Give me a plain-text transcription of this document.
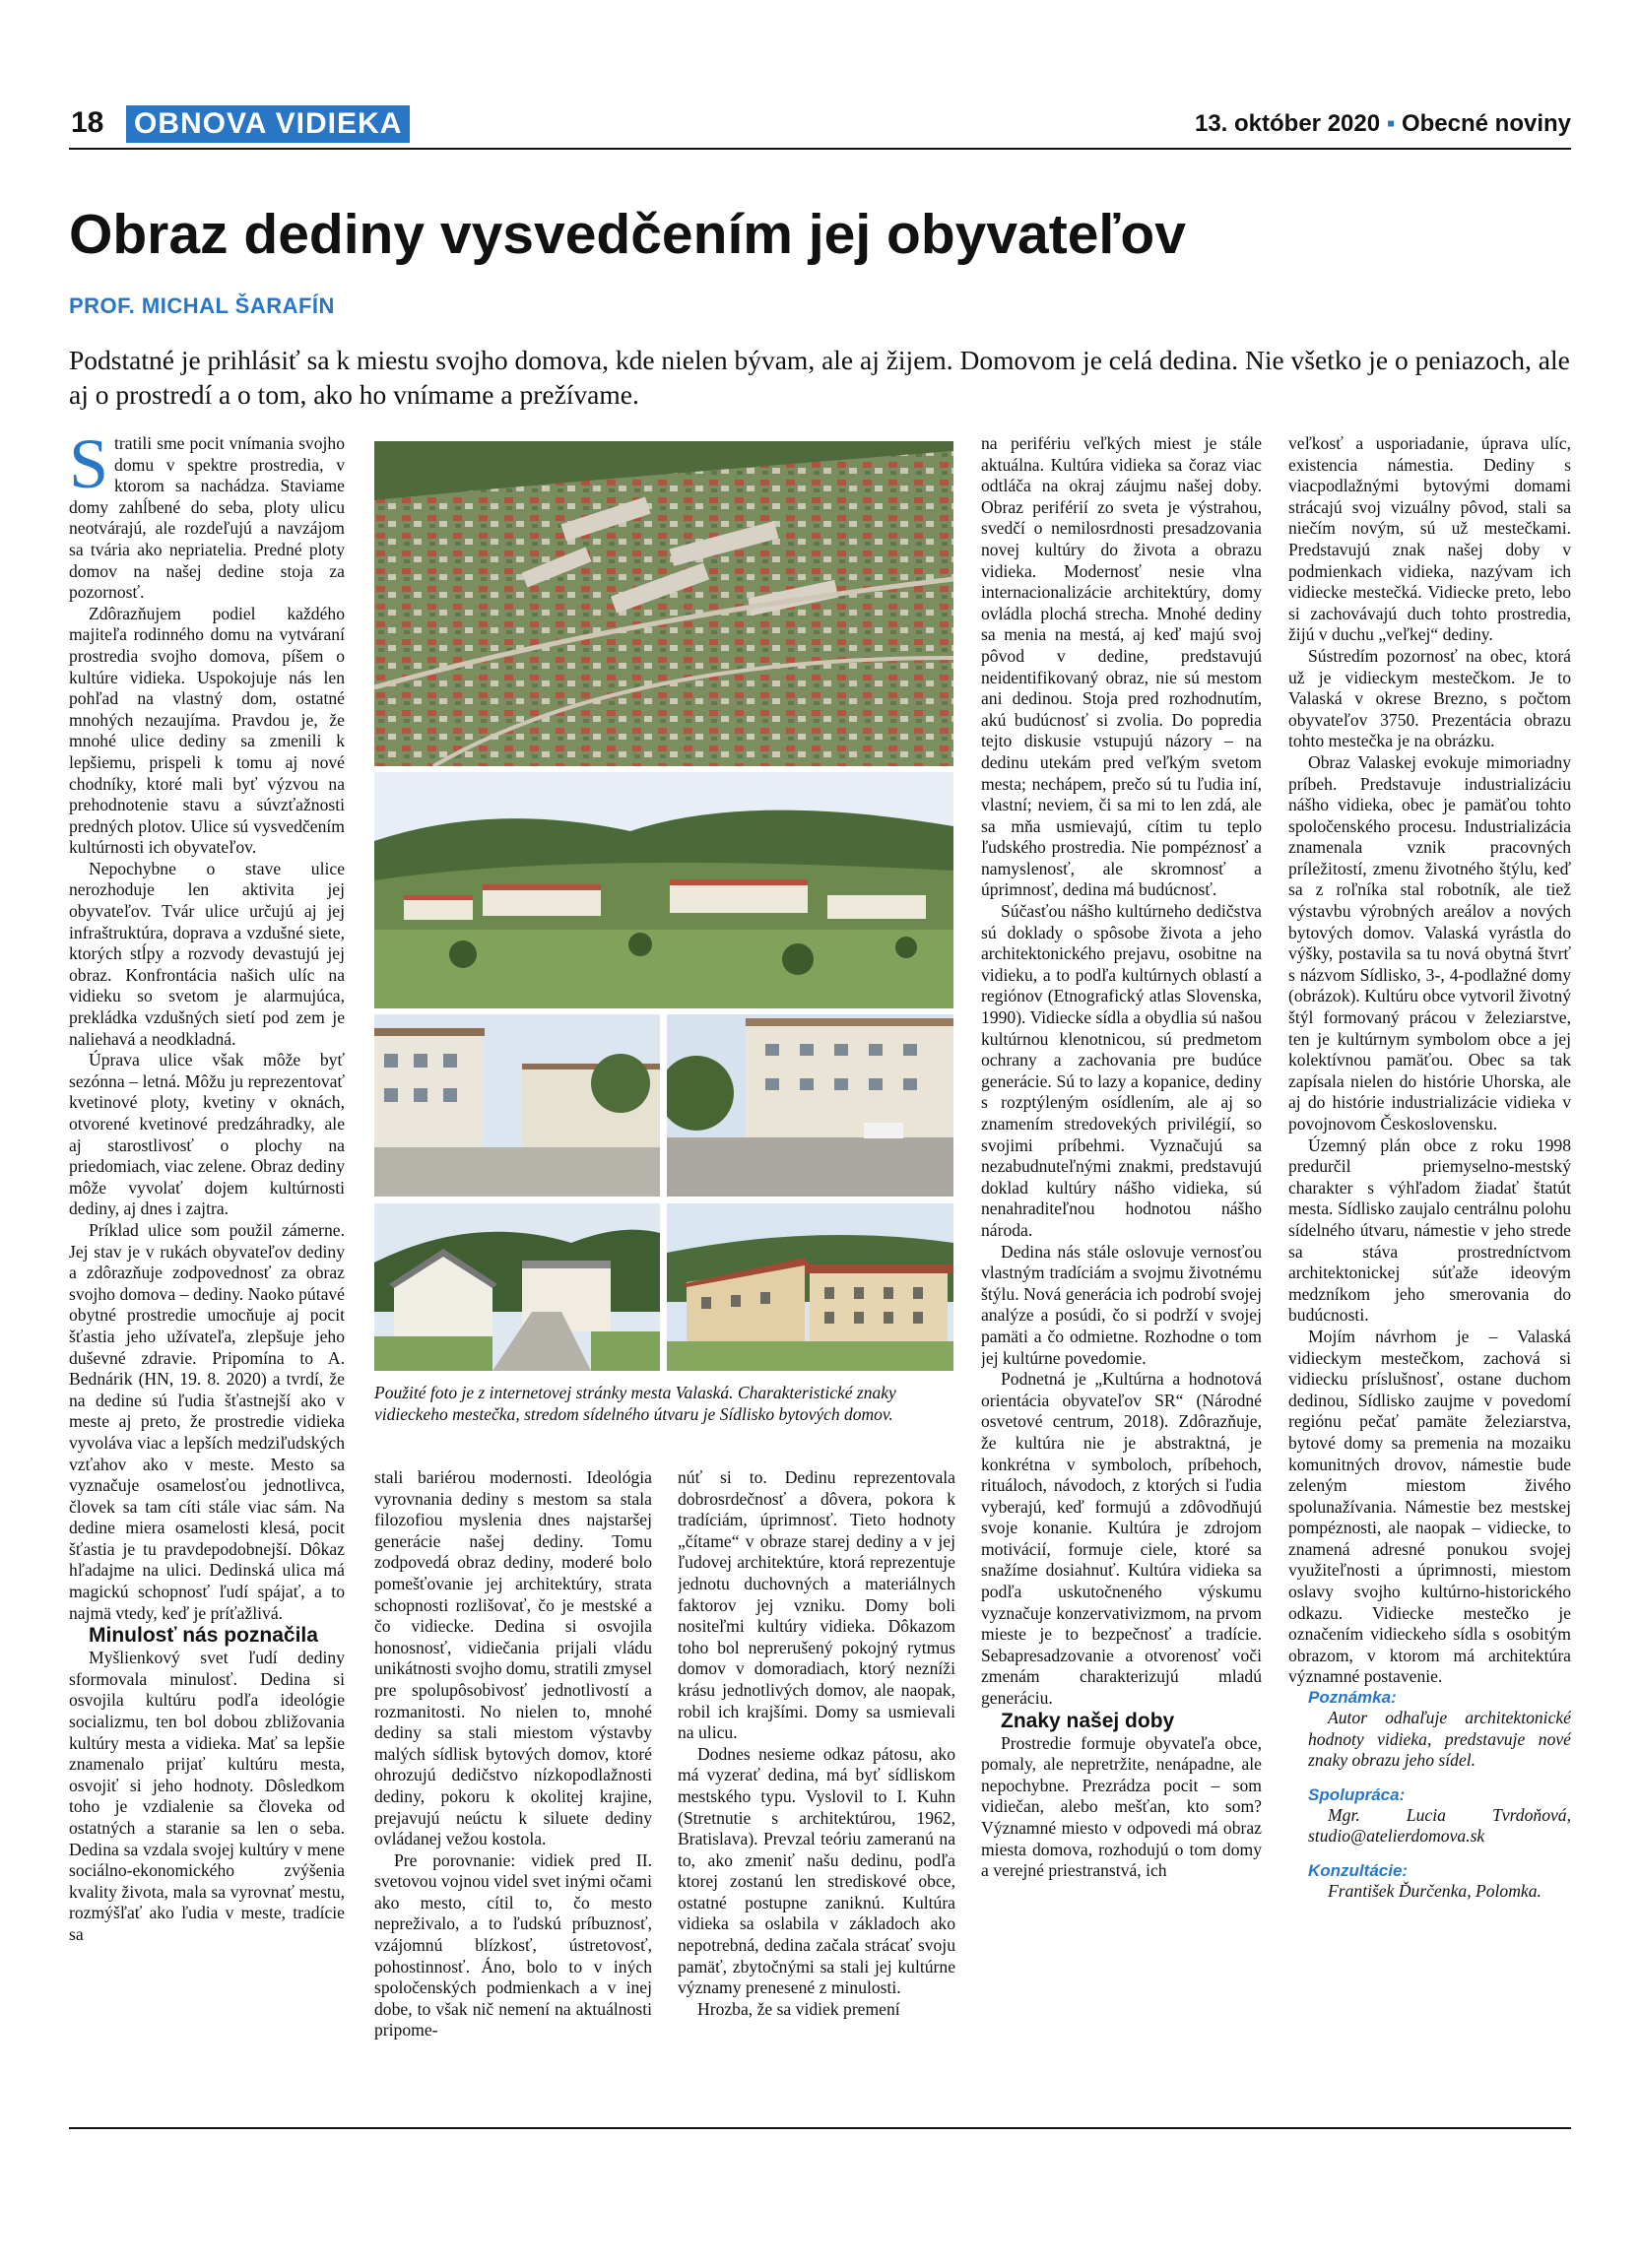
18 OBNOVA VIDIEKA	13. október 2020 ▪ Obecné noviny
Obraz dediny vysvedčením jej obyvateľov
PROF. MICHAL ŠARAFÍN
Podstatné je prihlásiť sa k miestu svojho domova, kde nielen bývam, ale aj žijem. Domovom je celá dedina. Nie všetko je o peniazoch, ale aj o prostredí a o tom, ako ho vnímame a prežívame.

Stratili sme pocit vnímania svojho domu v spektre prostredia, v ktorom sa nachádza. Staviame domy zahĺbené do seba, ploty ulicu neotvárajú, ale rozdeľujú a navzájom sa tvária ako nepriatelia. Predné ploty domov na našej dedine stoja za pozornosť.

Zdôrazňujem podiel každého majiteľa rodinného domu na vytváraní prostredia svojho domova, píšem o kultúre vidieka. Uspokojuje nás len pohľad na vlastný dom, ostatné mnohých nezaujíma. Pravdou je, že mnohé ulice dediny sa zmenili k lepšiemu, prispeli k tomu aj nové chodníky, ktoré mali byť výzvou na prehodnotenie stavu a súvzťažnosti predných plotov. Ulice sú vysvedčením kultúrnosti ich obyvateľov.

Nepochybne o stave ulice nerozhoduje len aktivita jej obyvateľov. Tvár ulice určujú aj jej infraštruktúra, doprava a vzdušné siete, ktorých stĺpy a rozvody devastujú jej obraz. Konfrontácia našich ulíc na vidieku so svetom je alarmujúca, prekládka vzdušných sietí pod zem je naliehavá a neodkladná.

Úprava ulice však môže byť sezónna – letná. Môžu ju reprezentovať kvetinové ploty, kvetiny v oknách, otvorené kvetinové predzáhradky, ale aj starostlivosť o plochy na priedomiach, viac zelene. Obraz dediny môže vyvolať dojem kultúrnosti dediny, aj dnes i zajtra.

Príklad ulice som použil zámerne. Jej stav je v rukách obyvateľov dediny a zdôrazňuje zodpovednosť za obraz svojho domova – dediny. Naoko pútavé obytné prostredie umocňuje aj pocit šťastia jeho užívateľa, zlepšuje jeho duševné zdravie. Pripomína to A. Bednárik (HN, 19. 8. 2020) a tvrdí, že na dedine sú ľudia šťastnejší ako v meste aj preto, že prostredie vidieka vyvoláva viac a lepších medziľudských vzťahov ako v meste. Mesto sa vyznačuje osamelosťou jednotlivca, človek sa tam cíti stále viac sám. Na dedine miera osamelosti klesá, pocit šťastia je tu pravdepodobnejší. Dôkaz hľadajme na ulici. Dedinská ulica má magickú schopnosť ľudí spájať, a to najmä vtedy, keď je príťažlivá.

Minulosť nás poznačila

Myšlienkový svet ľudí dediny sformovala minulosť. Dedina si osvojila kultúru podľa ideológie socializmu, ten bol dobou zbližovania kultúry mesta a vidieka. Mať sa lepšie znamenalo prijať kultúru mesta, osvojiť si jeho hodnoty. Dôsledkom toho je vzdialenie sa človeka od ostatných a staranie sa len o seba. Dedina sa vzdala svojej kultúry v mene sociálno-ekonomického zvýšenia kvality života, mala sa vyrovnať mestu, rozmýšľať ako ľudia v meste, tradície sa

Použité foto je z internetovej stránky mesta Valaská. Charakteristické znaky vidieckeho mestečka, stredom sídelného útvaru je Sídlisko bytových domov.

stali bariérou modernosti. Ideológia vyrovnania dediny s mestom sa stala filozofiou myslenia dnes najstaršej generácie našej dediny. Tomu zodpovedá obraz dediny, moderé bolo pomešťovanie jej architektúry, strata schopnosti rozlišovať, čo je mestské a čo vidiecke. Dedina si osvojila honosnosť, vidiečania prijali vládu unikátnosti svojho domu, stratili zmysel pre spolupôsobivosť jednotlivostí a rozmanitosti. No nielen to, mnohé dediny sa stali miestom výstavby malých sídlisk bytových domov, ktoré ohrozujú dedičstvo nízkopodlažnosti dediny, pokoru k okolitej krajine, prejavujú neúctu k siluete dediny ovládanej vežou kostola.

Pre porovnanie: vidiek pred II. svetovou vojnou videl svet inými očami ako mesto, cítil to, čo mesto nepreživalo, a to ľudskú príbuznosť, vzájomnú blízkosť, ústretovosť, pohostinnosť. Áno, bolo to v iných spoločenských podmienkach a v inej dobe, to však nič nemení na aktuálnosti pripome-

núť si to. Dedinu reprezentovala dobrosrdečnosť a dôvera, pokora k tradíciám, úprimnosť. Tieto hodnoty „čítame“ v obraze starej dediny a v jej ľudovej architektúre, ktorá reprezentuje jednotu duchovných a materiálnych faktorov jej vzniku. Domy boli nositeľmi kultúry vidieka. Dôkazom toho bol neprerušený pokojný rytmus domov v domoradiach, ktorý nezníži krásu jednotlivých domov, ale naopak, robil ich krajšími. Domy sa usmievali na ulicu.

Dodnes nesieme odkaz pátosu, ako má vyzerať dedina, má byť sídliskom mestského typu. Vyslovil to I. Kuhn (Stretnutie s architektúrou, 1962, Bratislava). Prevzal teóriu zameranú na to, ako zmeniť našu dedinu, podľa ktorej zostanú len strediskové obce, ostatné postupne zaniknú. Kultúra vidieka sa oslabila v základoch ako nepotrebná, dedina začala strácať svoju pamäť, zbytočnými sa stali jej kultúrne významy prenesené z minulosti.

Hrozba, že sa vidiek premení

na perifériu veľkých miest je stále aktuálna. Kultúra vidieka sa čoraz viac odtláča na okraj záujmu našej doby. Obraz periférií zo sveta je výstrahou, svedčí o nemilosrdnosti presadzovania novej kultúry do života a obrazu vidieka. Modernosť nesie vlna internacionalizácie architektúry, domy ovládla plochá strecha. Mnohé dediny sa menia na mestá, aj keď majú svoj pôvod v dedine, predstavujú neidentifikovaný obraz, nie sú mestom ani dedinou. Stoja pred rozhodnutím, akú budúcnosť si zvolia. Do popredia tejto diskusie vstupujú názory – na dedinu utekám pred veľkým svetom mesta; nechápem, prečo sú tu ľudia iní, vlastní; neviem, či sa mi to len zdá, ale sa mňa usmievajú, cítim tu teplo ľudského prostredia. Nie pompéznosť a namyslenosť, ale skromnosť a úprimnosť, dedina má budúcnosť.

Súčasťou nášho kultúrneho dedičstva sú doklady o spôsobe života a jeho architektonického prejavu, osobitne na vidieku, a to podľa kultúrnych oblastí a regiónov (Etnografický atlas Slovenska, 1990). Vidiecke sídla a obydlia sú našou kultúrnou klenotnicou, sú predmetom ochrany a zachovania pre budúce generácie. Sú to lazy a kopanice, dediny s rozptýleným osídlením, ale aj so znamením stredovekých privilégií, so svojimi príbehmi. Vyznačujú sa nezabudnuteľnými znakmi, predstavujú doklad kultúry nášho vidieka, sú nenahraditeľnou hodnotou nášho národa.

Dedina nás stále oslovuje vernosťou vlastným tradíciám a svojmu životnému štýlu. Nová generácia ich podrobí svojej analýze a posúdi, čo si podrží v svojej pamäti a čo odmietne. Rozhodne o tom jej kultúrne povedomie.

Podnetná je „Kultúrna a hodnotová orientácia obyvateľov SR“ (Národné osvetové centrum, 2018). Zdôrazňuje, že kultúra nie je abstraktná, je konkrétna v symboloch, príbehoch, rituáloch, návodoch, z ktorých si ľudia vyberajú, keď formujú a zdôvodňujú svoje konanie. Kultúra je zdrojom motivácií, formuje ciele, ktoré sa snažíme dosiahnuť. Kultúra vidieka sa podľa uskutočneného výskumu vyznačuje konzervativizmom, na prvom mieste je to bezpečnosť a tradície. Sebapresadzovanie a otvorenosť voči zmenám charakterizujú mladú generáciu.

Znaky našej doby

Prostredie formuje obyvateľa obce, pomaly, ale nepretržite, nenápadne, ale nepochybne. Prezrádza pocit – som vidiečan, alebo mešťan, kto som? Významné miesto v odpovedi má obraz miesta domova, rozhodujú o tom domy a verejné priestranstvá, ich

veľkosť a usporiadanie, úprava ulíc, existencia námestia. Dediny s viacpodlažnými bytovými domami strácajú svoj vizuálny pôvod, stali sa niečím novým, sú už mestečkami. Predstavujú znak našej doby v podmienkach vidieka, nazývam ich vidiecke mestečká. Vidiecke preto, lebo si zachovávajú duch tohto prostredia, žijú v duchu „veľkej“ dediny.

Sústredím pozornosť na obec, ktorá už je vidieckym mestečkom. Je to Valaská v okrese Brezno, s počtom obyvateľov 3750. Prezentácia obrazu tohto mestečka je na obrázku.

Obraz Valaskej evokuje mimoriadny príbeh. Predstavuje industrializáciu nášho vidieka, obec je pamäťou tohto spoločenského procesu. Industrializácia znamenala vznik pracovných príležitostí, zmenu životného štýlu, keď sa z roľníka stal robotník, ale tiež výstavbu výrobných areálov a nových bytových domov. Valaská vyrástla do výšky, postavila sa tu nová obytná štvrť s názvom Sídlisko, 3-, 4-podlažné domy (obrázok). Kultúru obce vytvoril životný štýl formovaný prácou v železiarstve, ten je kultúrnym symbolom obce a jej kolektívnou pamäťou. Obec sa tak zapísala nielen do histórie Uhorska, ale aj do histórie industrializácie vidieka v povojnovom Československu.

Územný plán obce z roku 1998 predurčil priemyselno-mestský charakter s výhľadom žiadať štatút mesta. Sídlisko zaujalo centrálnu polohu sídelného útvaru, námestie v jeho strede sa stáva prostredníctvom architektonickej súťaže ideovým medzníkom jeho smerovania do budúcnosti.

Mojím návrhom je – Valaská vidieckym mestečkom, zachová si vidiecku príslušnosť, ostane duchom dedinou, Sídlisko zaujme v povedomí regiónu pečať pamäte železiarstva, bytové domy sa premenia na mozaiku komunitných drovov, námestie bude zeleným miestom živého spolunažívania. Námestie bez mestskej pompéznosti, ale naopak – vidiecke, to znamená adresné ponukou svojej využiteľnosti a úprimnosti, miestom oslavy svojho kultúrno-historického odkazu. Vidiecke mestečko je označením vidieckeho sídla s osobitým obrazom, v ktorom má architektúra významné postavenie.

Poznámka:

Autor odhaľuje architektonické hodnoty vidieka, predstavuje nové znaky obrazu jeho sídel.

Spolupráca:

Mgr. Lucia Tvrdoňová, studio@atelierdomova.sk

Konzultácie:

František Ďurčenka, Polomka.
